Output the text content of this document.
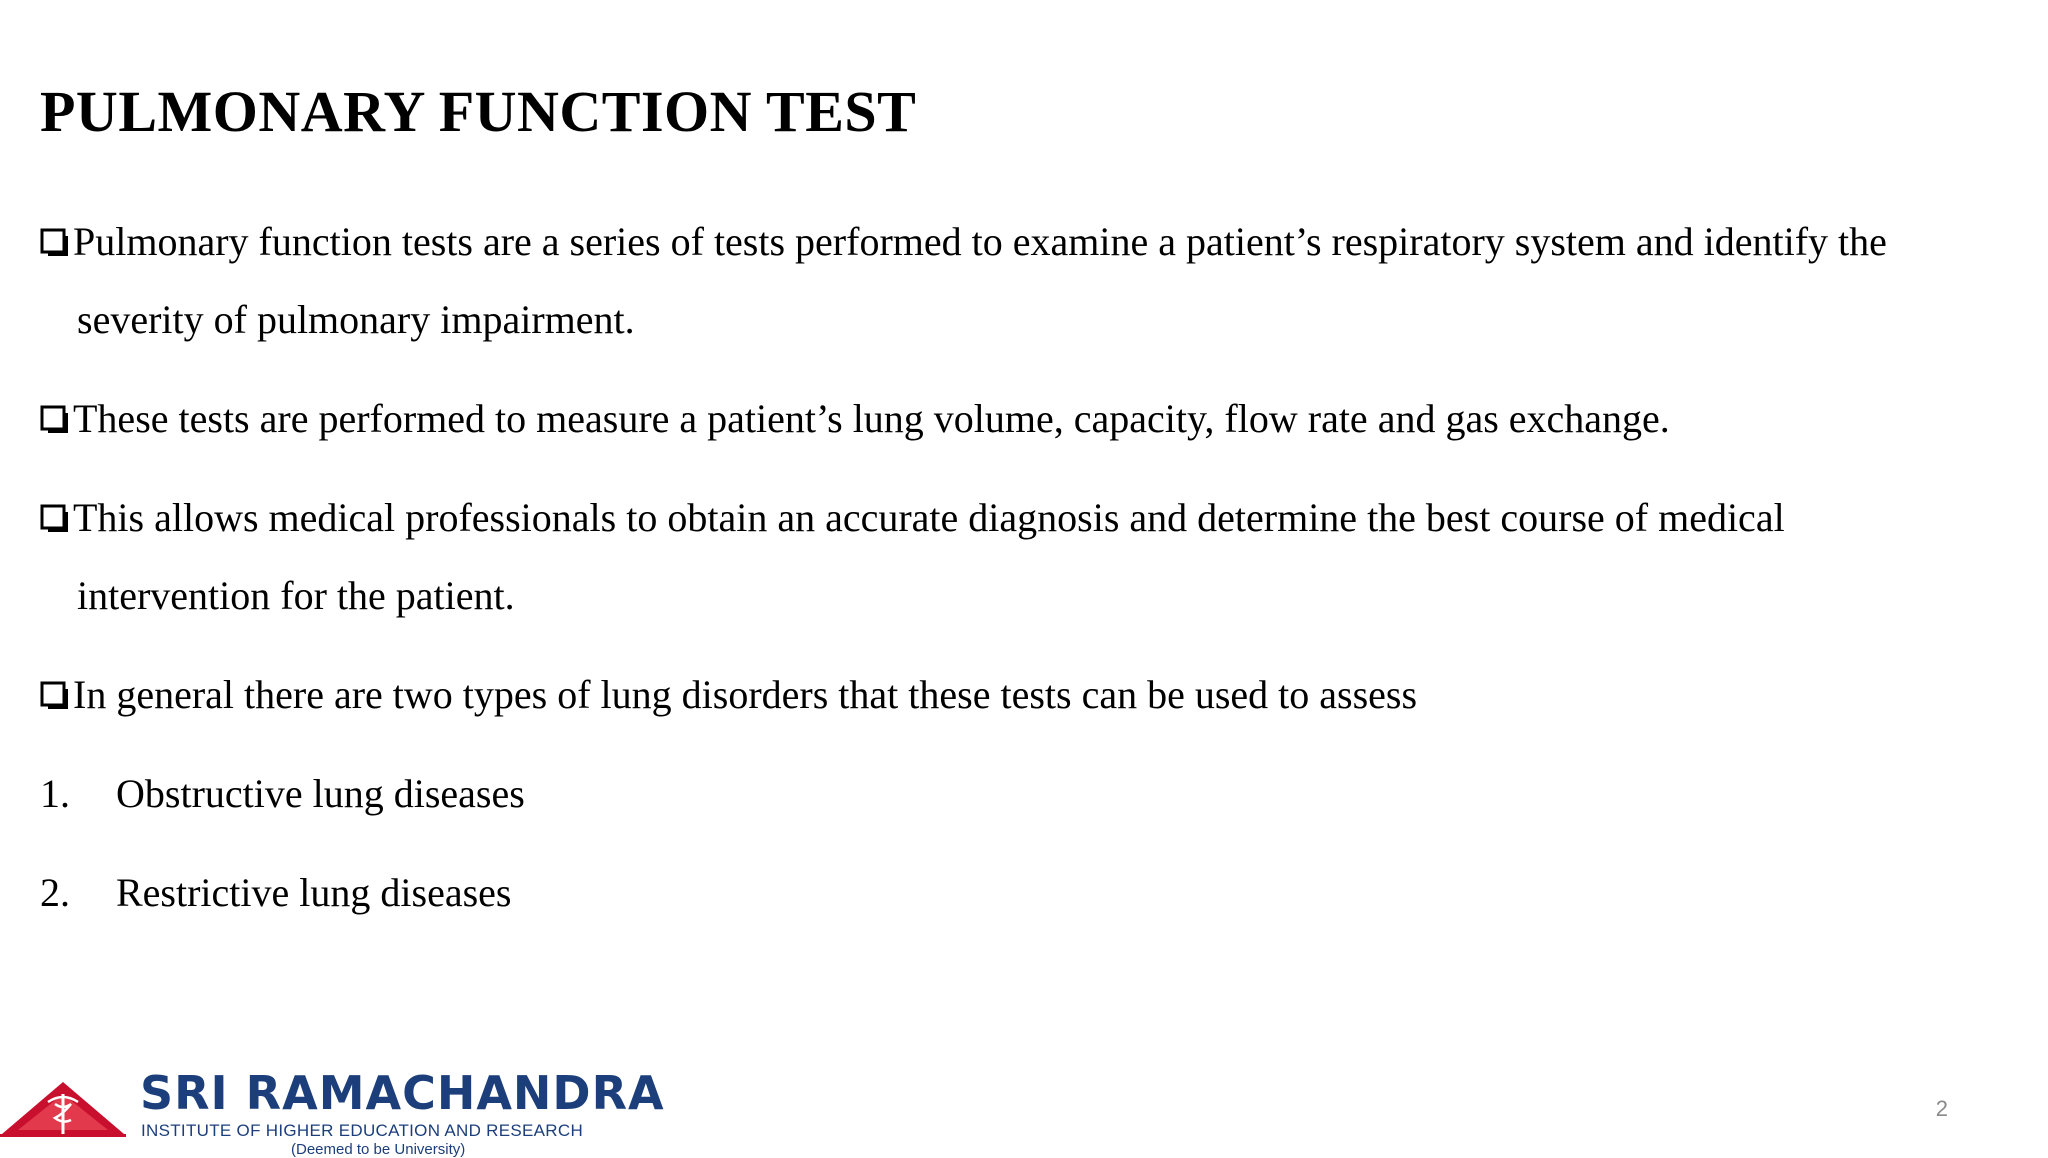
PULMONARY FUNCTION TEST
Pulmonary function tests are a series of tests performed to examine a patient’s respiratory system and identify the
severity of pulmonary impairment.
These tests are performed to measure a patient’s lung volume, capacity, flow rate and gas exchange.
This allows medical professionals to obtain an accurate diagnosis and determine the best course of medical
intervention for the patient.
In general there are two types of lung disorders that these tests can be used to assess
1. Obstructive lung diseases
2. Restrictive lung diseases
SRI RAMACHANDRA
INSTITUTE OF HIGHER EDUCATION AND RESEARCH
(Deemed to be University)
2
